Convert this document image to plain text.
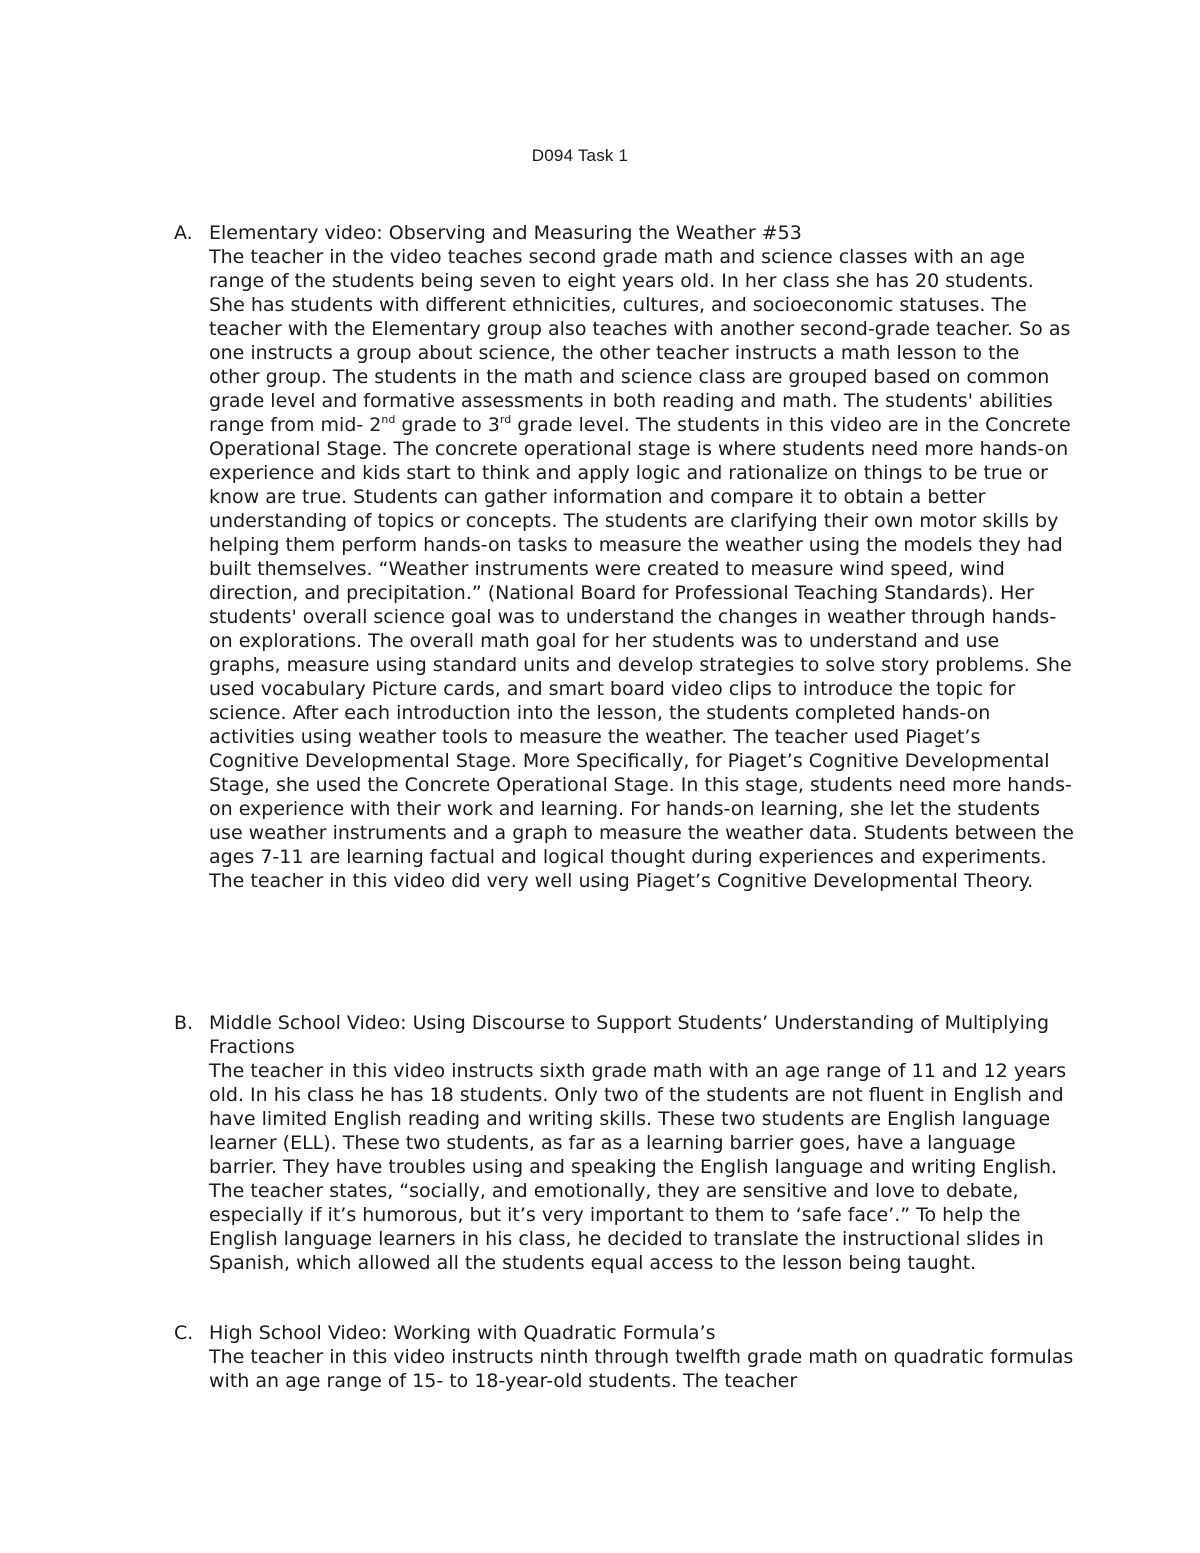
D094 Task 1
A. Elementary video: Observing and Measuring the Weather #53

The teacher in the video teaches second grade math and science classes with an age range of the students being seven to eight years old. In her class she has 20 students. She has students with different ethnicities, cultures, and socioeconomic statuses. The teacher with the Elementary group also teaches with another second-grade teacher. So as one instructs a group about science, the other teacher instructs a math lesson to the other group. The students in the math and science class are grouped based on common grade level and formative assessments in both reading and math. The students' abilities range from mid- 2nd grade to 3rd grade level. The students in this video are in the Concrete Operational Stage. The concrete operational stage is where students need more hands-on experience and kids start to think and apply logic and rationalize on things to be true or know are true. Students can gather information and compare it to obtain a better understanding of topics or concepts. The students are clarifying their own motor skills by helping them perform hands-on tasks to measure the weather using the models they had built themselves. “Weather instruments were created to measure wind speed, wind direction, and precipitation.” (National Board for Professional Teaching Standards). Her students' overall science goal was to understand the changes in weather through hands-on explorations. The overall math goal for her students was to understand and use graphs, measure using standard units and develop strategies to solve story problems. She used vocabulary Picture cards, and smart board video clips to introduce the topic for science. After each introduction into the lesson, the students completed hands-on activities using weather tools to measure the weather. The teacher used Piaget’s Cognitive Developmental Stage. More Specifically, for Piaget’s Cognitive Developmental Stage, she used the Concrete Operational Stage. In this stage, students need more hands-on experience with their work and learning. For hands-on learning, she let the students use weather instruments and a graph to measure the weather data. Students between the ages 7-11 are learning factual and logical thought during experiences and experiments. The teacher in this video did very well using Piaget’s Cognitive Developmental Theory.

B. Middle School Video: Using Discourse to Support Students’ Understanding of Multiplying Fractions

The teacher in this video instructs sixth grade math with an age range of 11 and 12 years old. In his class he has 18 students. Only two of the students are not fluent in English and have limited English reading and writing skills. These two students are English language learner (ELL). These two students, as far as a learning barrier goes, have a language barrier. They have troubles using and speaking the English language and writing English. The teacher states, “socially, and emotionally, they are sensitive and love to debate, especially if it’s humorous, but it’s very important to them to ‘safe face’.” To help the English language learners in his class, he decided to translate the instructional slides in Spanish, which allowed all the students equal access to the lesson being taught.

C. High School Video: Working with Quadratic Formula’s

The teacher in this video instructs ninth through twelfth grade math on quadratic formulas with an age range of 15- to 18-year-old students. The teacher
